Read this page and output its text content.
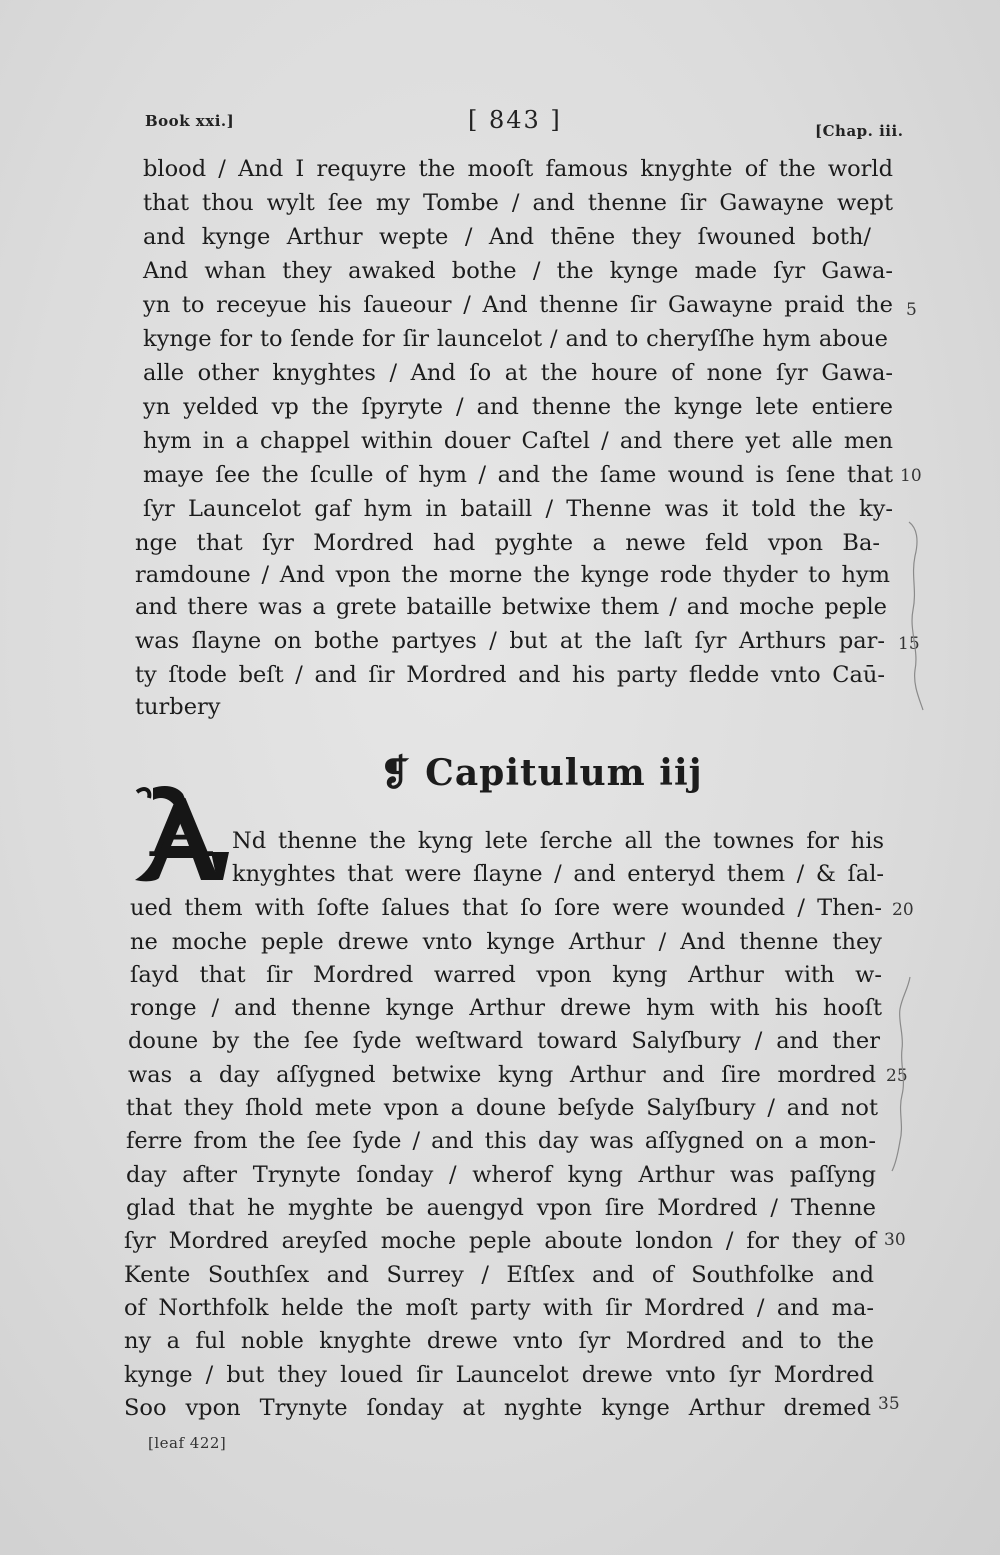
Book xxi.]	[ 843 ]	[Chap. iii.
blood / And I requyre the mooſt famous knyghte of the world
that thou wylt ſee my Tombe / and thenne ſir Gawayne wept
and kynge Arthur wepte / And thēne they ſwouned both/
And whan they awaked bothe / the kynge made ſyr Gawa-
yn to receyue his ſaueour / And thenne ſir Gawayne praid the
kynge for to ſende for ſir launcelot / and to cheryſſhe hym aboue
alle other knyghtes / And ſo at the houre of none ſyr Gawa-
yn yelded vp the ſpyryte / and thenne the kynge lete entiere
hym in a chappel within douer Caſtel / and there yet alle men
maye ſee the ſculle of hym / and the ſame wound is ſene that
ſyr Launcelot gaf hym in bataill / Thenne was it told the ky-
nge that ſyr Mordred had pyghte a newe feld vpon Ba-
ramdoune / And vpon the morne the kynge rode thyder to hym
and there was a grete bataille betwixe them / and moche peple
was ſlayne on bothe partyes / but at the laſt ſyr Arthurs par-
ty ſtode beſt / and ſir Mordred and his party fledde vnto Caū-
turbery
❡ Capitulum iij
A Nd thenne the kyng lete ſerche all the townes for his
knyghtes that were ſlayne / and enteryd them / & ſal-
ued them with ſofte ſalues that ſo ſore were wounded / Then-
ne moche peple drewe vnto kynge Arthur / And thenne they
ſayd that ſir Mordred warred vpon kyng Arthur with w-
ronge / and thenne kynge Arthur drewe hym with his hooſt
doune by the ſee ſyde weſtward toward Salyſbury / and ther
was a day aſſygned betwixe kyng Arthur and ſire mordred
that they ſhold mete vpon a doune beſyde Salyſbury / and not
ferre from the ſee ſyde / and this day was aſſygned on a mon-
day after Trynyte ſonday / wherof kyng Arthur was paſſyng
glad that he myghte be auengyd vpon ſire Mordred / Thenne
ſyr Mordred areyſed moche peple aboute london / for they of
Kente Southſex and Surrey / Eſtſex and of Southfolke and
of Northfolk helde the moſt party with ſir Mordred / and ma-
ny a ful noble knyghte drewe vnto ſyr Mordred and to the
kynge / but they loued ſir Launcelot drewe vnto ſyr Mordred
Soo vpon Trynyte ſonday at nyghte kynge Arthur dremed
5
10
15
20
25
30
35
[leaf 422]
